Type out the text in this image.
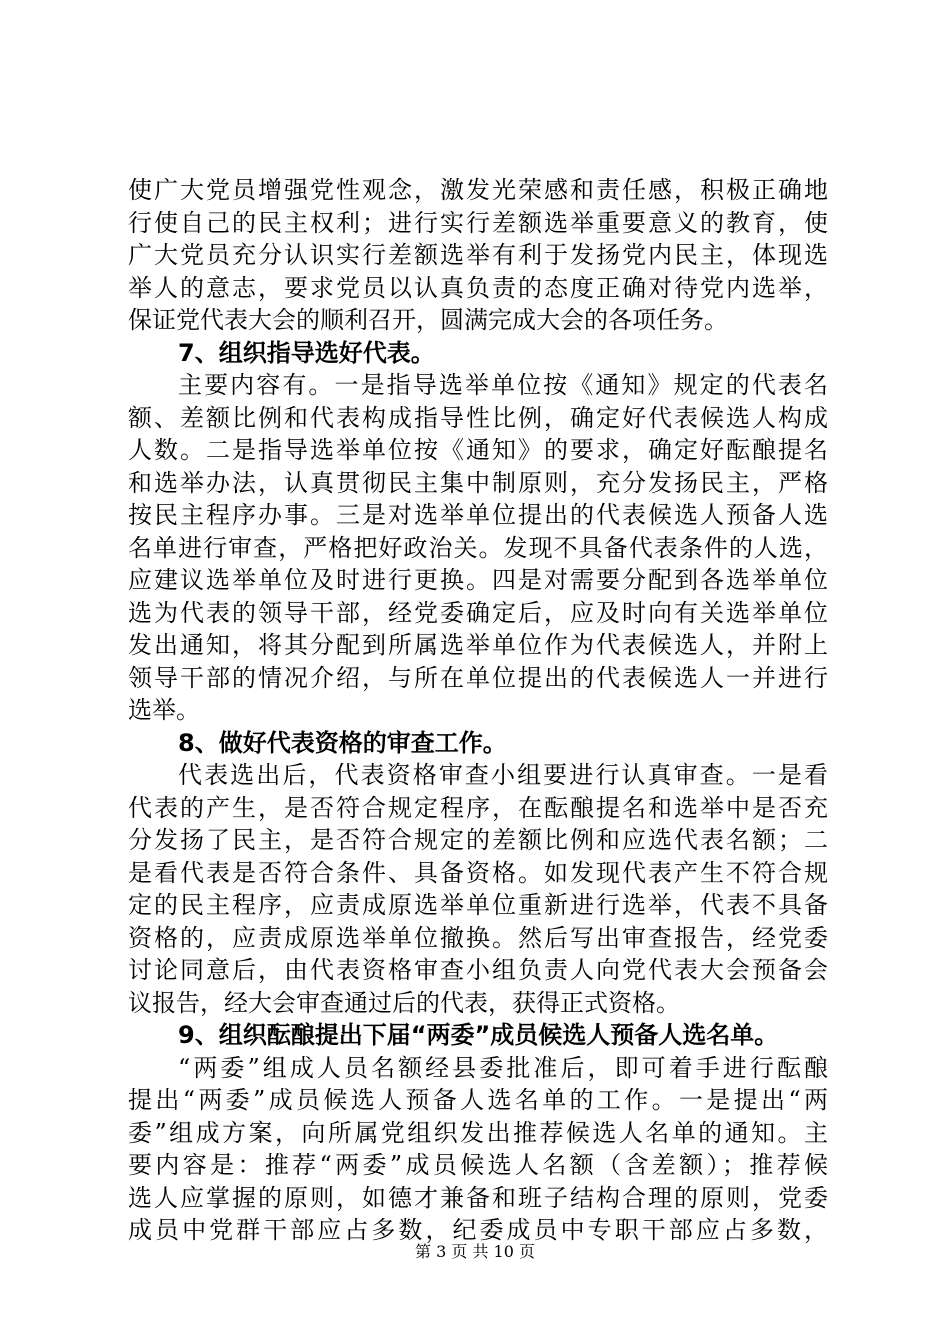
使广大党员增强党性观念，激发光荣感和责任感，积极正确地
行使自己的民主权利；进行实行差额选举重要意义的教育，使
广大党员充分认识实行差额选举有利于发扬党内民主，体现选
举人的意志，要求党员以认真负责的态度正确对待党内选举，
保证党代表大会的顺利召开，圆满完成大会的各项任务。
7、组织指导选好代表。
主要内容有。一是指导选举单位按《通知》规定的代表名
额、差额比例和代表构成指导性比例，确定好代表候选人构成
人数。二是指导选举单位按《通知》的要求，确定好酝酿提名
和选举办法，认真贯彻民主集中制原则，充分发扬民主，严格
按民主程序办事。三是对选举单位提出的代表候选人预备人选
名单进行审查，严格把好政治关。发现不具备代表条件的人选，
应建议选举单位及时进行更换。四是对需要分配到各选举单位
选为代表的领导干部，经党委确定后，应及时向有关选举单位
发出通知，将其分配到所属选举单位作为代表候选人，并附上
领导干部的情况介绍，与所在单位提出的代表候选人一并进行
选举。
8、做好代表资格的审查工作。
代表选出后，代表资格审查小组要进行认真审查。一是看
代表的产生，是否符合规定程序，在酝酿提名和选举中是否充
分发扬了民主，是否符合规定的差额比例和应选代表名额；二
是看代表是否符合条件、具备资格。如发现代表产生不符合规
定的民主程序，应责成原选举单位重新进行选举，代表不具备
资格的，应责成原选举单位撤换。然后写出审查报告，经党委
讨论同意后，由代表资格审查小组负责人向党代表大会预备会
议报告，经大会审查通过后的代表，获得正式资格。
9、组织酝酿提出下届“两委”成员候选人预备人选名单。
“两委”组成人员名额经县委批准后，即可着手进行酝酿
提出“两委”成员候选人预备人选名单的工作。一是提出“两
委”组成方案，向所属党组织发出推荐候选人名单的通知。主
要内容是：推荐“两委”成员候选人名额（含差额）；推荐候
选人应掌握的原则，如德才兼备和班子结构合理的原则，党委
成员中党群干部应占多数，纪委成员中专职干部应占多数，
第 3 页 共 10 页
